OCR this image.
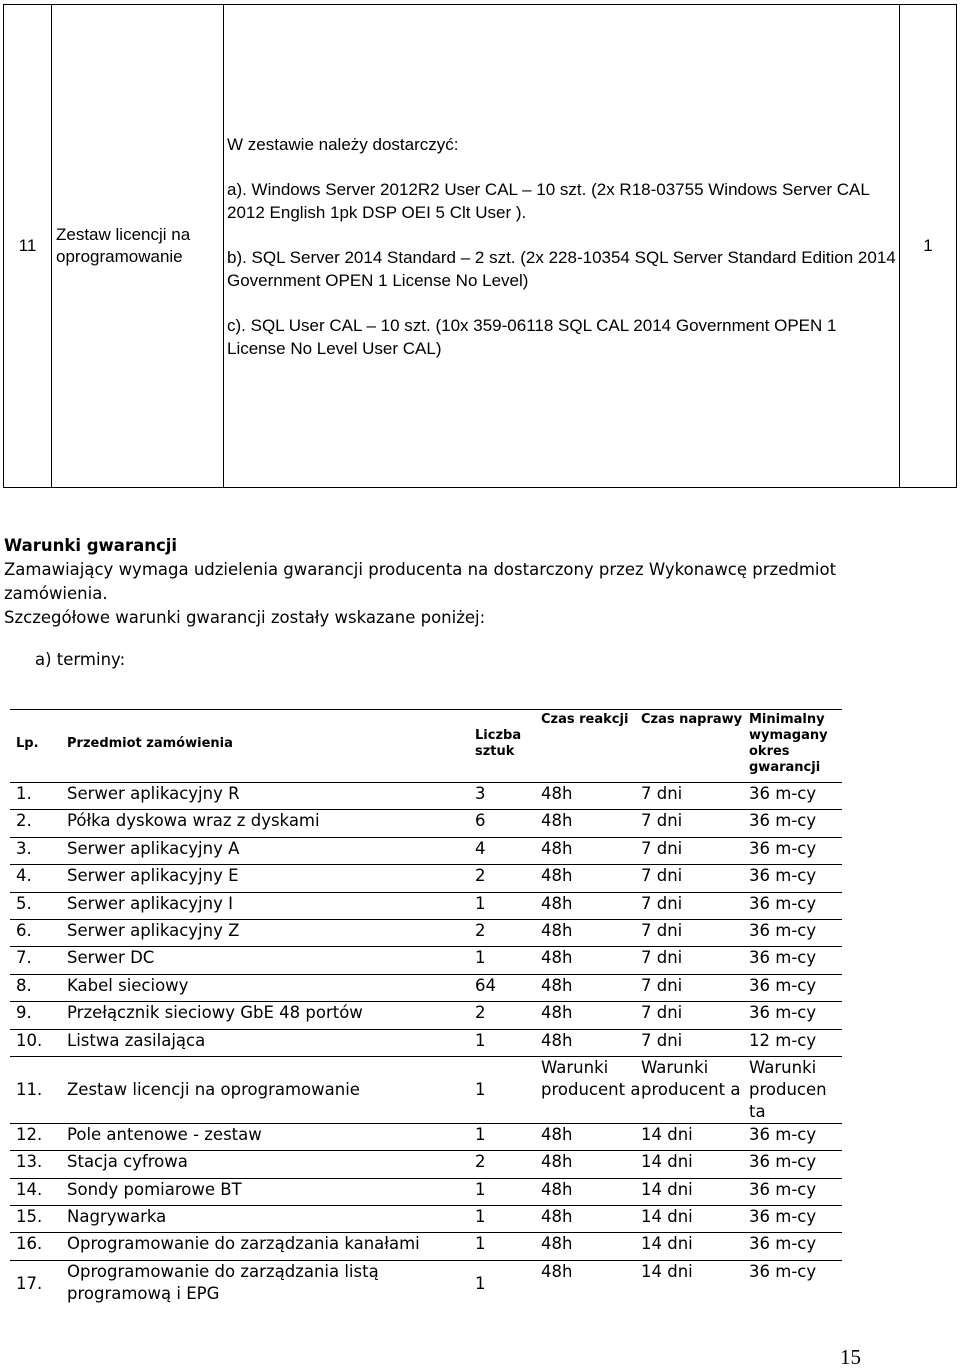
11	Zestaw licencji na
oprogramowanie	

W zestawie należy dostarczyć:

a). Windows Server 2012R2 User CAL – 10 szt. (2x R18-03755 Windows Server CAL 2012 English 1pk DSP OEI 5 Clt User ).

b). SQL Server 2014 Standard – 2 szt. (2x 228-10354 SQL Server Standard Edition 2014 Government OPEN 1 License No Level)

c). SQL User CAL – 10 szt. (10x 359-06118 SQL CAL 2014 Government OPEN 1 License No Level User CAL)

	1

Warunki gwarancji

Zamawiający wymaga udzielenia gwarancji producenta na dostarczony przez Wykonawcę przedmiot zamówienia.

Szczegółowe warunki gwarancji zostały wskazane poniżej:

a) terminy:
Lp.	Przedmiot zamówienia	Liczba sztuk	Czas reakcji	Czas naprawy	Minimalny wymagany okres gwarancji
1.	Serwer aplikacyjny R	3	48h	7 dni	36 m-cy
2.	Półka dyskowa wraz z dyskami	6	48h	7 dni	36 m-cy
3.	Serwer aplikacyjny A	4	48h	7 dni	36 m-cy
4.	Serwer aplikacyjny E	2	48h	7 dni	36 m-cy
5.	Serwer aplikacyjny I	1	48h	7 dni	36 m-cy
6.	Serwer aplikacyjny Z	2	48h	7 dni	36 m-cy
7.	Serwer DC	1	48h	7 dni	36 m-cy
8.	Kabel sieciowy	64	48h	7 dni	36 m-cy
9.	Przełącznik sieciowy GbE 48 portów	2	48h	7 dni	36 m-cy
10.	Listwa zasilająca	1	48h	7 dni	12 m-cy
11.	Zestaw licencji na oprogramowanie	1	Warunki producent a	Warunki producent a	Warunki producen ta
12.	Pole antenowe - zestaw	1	48h	14 dni	36 m-cy
13.	Stacja cyfrowa	2	48h	14 dni	36 m-cy
14.	Sondy pomiarowe BT	1	48h	14 dni	36 m-cy
15.	Nagrywarka	1	48h	14 dni	36 m-cy
16.	Oprogramowanie do zarządzania kanałami	1	48h	14 dni	36 m-cy
17.	Oprogramowanie do zarządzania listą programową i EPG	1	48h	14 dni	36 m-cy
15
